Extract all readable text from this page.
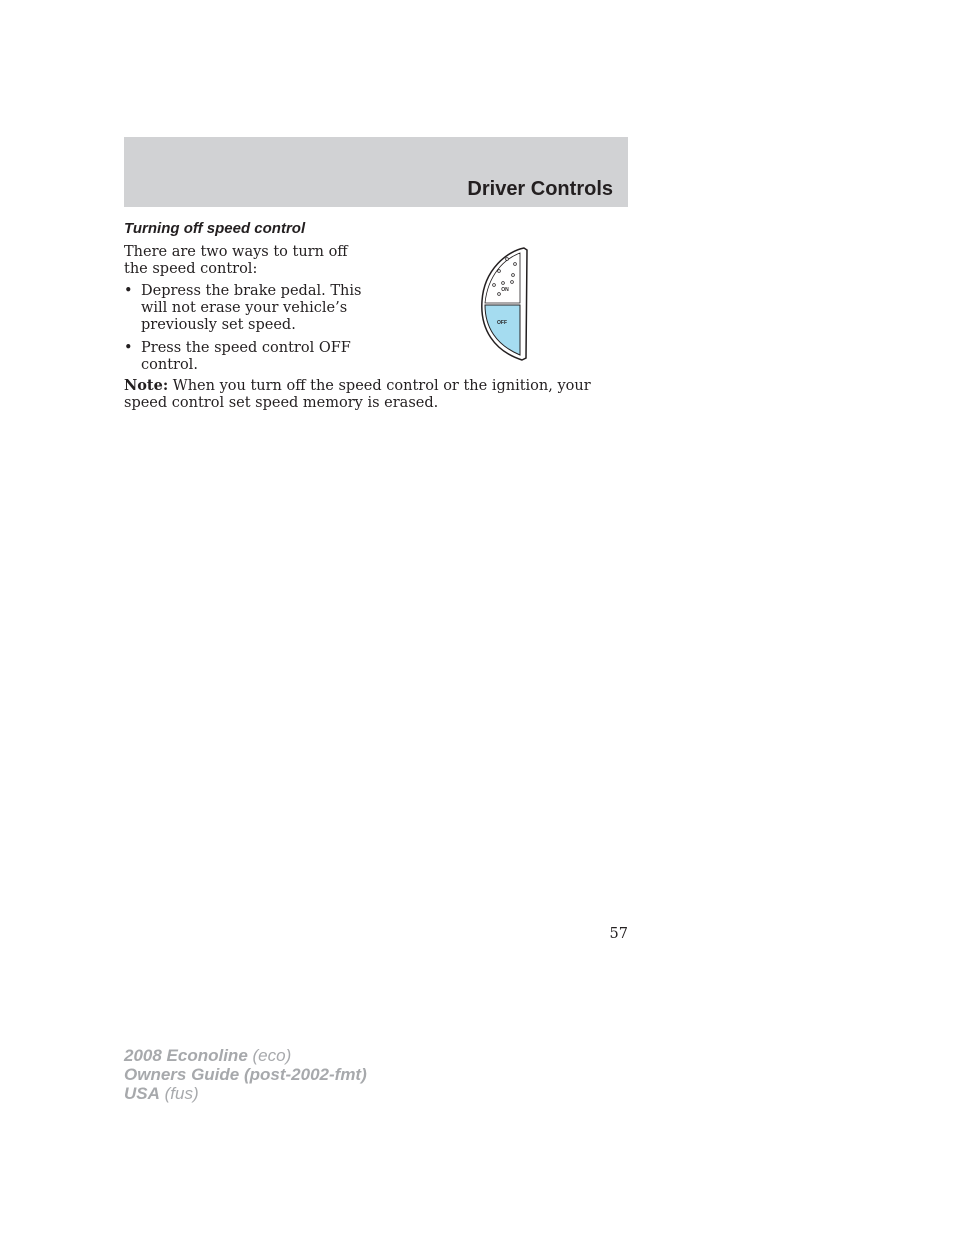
Driver Controls
Turning off speed control
There are two ways to turn off the speed control:
• Depress the brake pedal. This will not erase your vehicle’s previously set speed.
• Press the speed control OFF control.
ON
OFF
Note: When you turn off the speed control or the ignition, your speed control set speed memory is erased.
57
2008 Econoline (eco)
Owners Guide (post-2002-fmt)
USA (fus)
